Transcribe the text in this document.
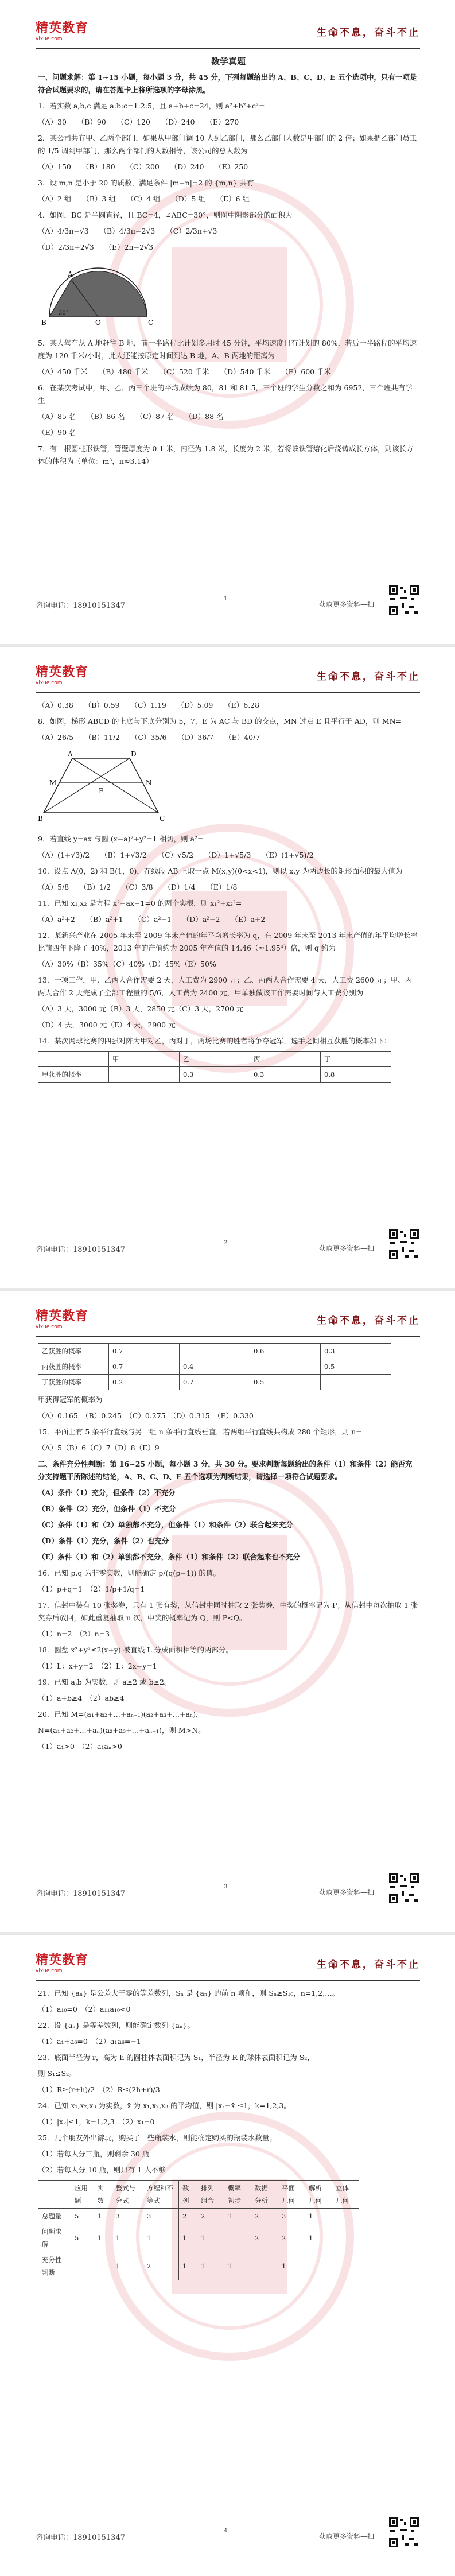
精英教育
vixue.com
生命不息，奋斗不止

数学真题

一、问题求解：第 1~15 小题，每小题 3 分，共 45 分，下列每题给出的 A、B、C、D、E 五个选项中，只有一项是符合试题要求的，请在答题卡上将所选项的字母涂黑。

1．若实数 a,b,c 满足 a:b:c=1:2:5，且 a+b+c=24，则 a²+b²+c²=

（A）30　　（B）90　　（C）120　　（D）240　　（E）270

2．某公司共有甲、乙两个部门，如果从甲部门调 10 人到乙部门，那么乙部门人数是甲部门的 2 倍；如果把乙部门员工的 1/5 调到甲部门，那么两个部门的人数相等，该公司的总人数为

（A）150　　（B）180　　（C）200　　（D）240　　（E）250

3．设 m,n 是小于 20 的质数，满足条件 |m−n|=2 的 {m,n} 共有

（A）2 组　　（B）3 组　　（C）4 组　　（D）5 组　　（E）6 组

4．如图，BC 是半圆直径，且 BC=4，∠ABC=30°，则图中阴影部分的面积为

（A）4/3π−√3　　（B）4/3π−2√3　　（C）2/3π+√3

（D）2/3π+2√3　　（E）2π−2√3

30°
A
B	O	C

5．某人驾车从 A 地赶往 B 地，前一半路程比计划多用时 45 分钟，平均速度只有计划的 80%，若后一半路程的平均速度为 120 千米/小时，此人还能按原定时间到达 B 地，A、B 两地的距离为

（A）450 千米　　（B）480 千米　　（C）520 千米　　（D）540 千米　　（E）600 千米

6．在某次考试中，甲、乙、丙三个班的平均成绩为 80，81 和 81.5，三个班的学生分数之和为 6952，三个班共有学生

（A）85 名　　（B）86 名　　（C）87 名　　（D）88 名

（E）90 名

7．有一根圆柱形铁管，管壁厚度为 0.1 米，内径为 1.8 米，长度为 2 米，若将该铁管熔化后浇铸成长方体，则该长方体的体积为（单位：m³，π≈3.14）

1
咨询电话：18910151347	获取更多资料—扫
精英教育
vixue.com
生命不息，奋斗不止

（A）0.38　　（B）0.59　　（C）1.19　　（D）5.09　　（E）6.28

8．如图，梯形 ABCD 的上底与下底分别为 5，7，E 为 AC 与 BD 的交点，MN 过点 E 且平行于 AD，则 MN=

（A）26/5　　（B）11/2　　（C）35/6　　（D）36/7　　（E）40/7

A	D
M	N
E
B	C

9．若直线 y=ax 与圆 (x−a)²+y²=1 相切，则 a²=

（A）(1+√3)/2　　（B）1+√3/2　　（C）√5/2　　（D）1+√5/3　　（E）(1+√5)/2

10．设点 A(0，2) 和 B(1，0)，在线段 AB 上取一点 M(x,y)(0<x<1)，则以 x,y 为两边长的矩形面积的最大值为

（A）5/8　　（B）1/2　　（C）3/8　　（D）1/4　　（E）1/8

11．已知 x₁,x₂ 是方程 x²−ax−1=0 的两个实根，则 x₁²+x₂²=

（A）a²+2　　（B）a²+1　　（C）a²−1　　（D）a²−2　　（E）a+2

12．某新兴产业在 2005 年末至 2009 年末产值的年平均增长率为 q，在 2009 年末至 2013 年末产值的年平均增长率比前四年下降了 40%，2013 年的产值约为 2005 年产值的 14.46（≈1.95⁴）倍，则 q 约为

（A）30%（B）35%（C）40%（D）45%（E）50%

13．一项工作，甲、乙两人合作需要 2 天，人工费为 2900 元；乙、丙两人合作需要 4 天，人工费 2600 元；甲、丙两人合作 2 天完成了全部工程量的 5/6，人工费为 2400 元，甲单独做该工作需要时间与人工费分别为

（A）3 天，3000 元（B）3 天，2850 元（C）3 天，2700 元

（D）4 天，3000 元（E）4 天，2900 元

14．某次网球比赛的四强对阵为甲对乙，丙对丁，两场比赛的胜者将争夺冠军，选手之间相互获胜的概率如下：

	甲	乙	丙	丁
甲获胜的概率		0.3	0.3	0.8
2
咨询电话：18910151347	获取更多资料—扫
精英教育
vixue.com
生命不息，奋斗不止
乙获胜的概率	0.7		0.6	0.3
丙获胜的概率	0.7	0.4		0.5
丁获胜的概率	0.2	0.7	0.5	

甲获得冠军的概率为

（A）0.165　（B）0.245　（C）0.275　（D）0.315　（E）0.330

15．平面上有 5 条平行直线与另一组 n 条平行直线垂直，若两组平行直线共构成 280 个矩形，则 n=

（A）5（B）6（C）7（D）8（E）9

二、条件充分性判断：第 16~25 小题，每小题 3 分，共 30 分。要求判断每题给出的条件（1）和条件（2）能否充分支持题干所陈述的结论，A、B、C、D、E 五个选项为判断结果，请选择一项符合试题要求。

（A）条件（1）充分，但条件（2）不充分

（B）条件（2）充分，但条件（1）不充分

（C）条件（1）和（2）单独都不充分，但条件（1）和条件（2）联合起来充分

（D）条件（1）充分，条件（2）也充分

（E）条件（1）和（2）单独都不充分，条件（1）和条件（2）联合起来也不充分

16．已知 p,q 为非零实数，则能确定 p/(q(p−1)) 的值。

（1）p+q=1　（2）1/p+1/q=1

17．信封中装有 10 张奖券，只有 1 张有奖，从信封中同时抽取 2 张奖券，中奖的概率记为 P；从信封中每次抽取 1 张奖券后放回，如此重复抽取 n 次，中奖的概率记为 Q，则 P<Q。

（1）n=2　（2）n=3

18．圆盘 x²+y²≤2(x+y) 被直线 L 分成面积相等的两部分。

（1）L：x+y=2　（2）L：2x−y=1

19．已知 a,b 为实数，则 a≥2 或 b≥2。

（1）a+b≥4　（2）ab≥4

20．已知 M=(a₁+a₂+…+aₙ₋₁)(a₂+a₃+…+aₙ)，

N=(a₁+a₂+…+aₙ)(a₂+a₃+…+aₙ₋₁)，则 M>N。

（1）a₁>0　（2）a₁aₙ>0

3
咨询电话：18910151347	获取更多资料—扫
精英教育
vixue.com
生命不息，奋斗不止

21．已知 {aₙ} 是公差大于零的等差数列，Sₙ 是 {aₙ} 的前 n 项和，则 Sₙ≥S₁₀，n=1,2,…。

（1）a₁₀=0　（2）a₁₁a₁₀<0

22．设 {aₙ} 是等差数列，则能确定数列 {aₙ}。

（1）a₁+a₆=0　（2）a₁a₆=−1

23．底面半径为 r，高为 h 的圆柱体表面积记为 S₁，半径为 R 的球体表面积记为 S₂，

则 S₁≤S₂。

（1）R≥(r+h)/2　（2）R≤(2h+r)/3

24．已知 x₁,x₂,x₃ 为实数，x̄ 为 x₁,x₂,x₃ 的平均值，则 |xₖ−x̄|≤1，k=1,2,3。

（1）|xₖ|≤1，k=1,2,3　（2）x₁=0

25．几个朋友外出游玩，购买了一些瓶装水，则能确定购买的瓶装水数量。

（1）若每人分三瓶，则剩余 30 瓶

（2）若每人分 10 瓶，则只有 1 人不够

	应用题	实数	整式与分式	方程和不等式	数列	排列组合	概率初步	数据分析	平面几何	解析几何	立体几何
总题量	5	1	3	3	2	2	1	2	3	1	
问题求解	5	1	1	1	1	1		2	2	1	
充分性判断			1	2	1	1	1		1		
4
咨询电话：18910151347	获取更多资料—扫
